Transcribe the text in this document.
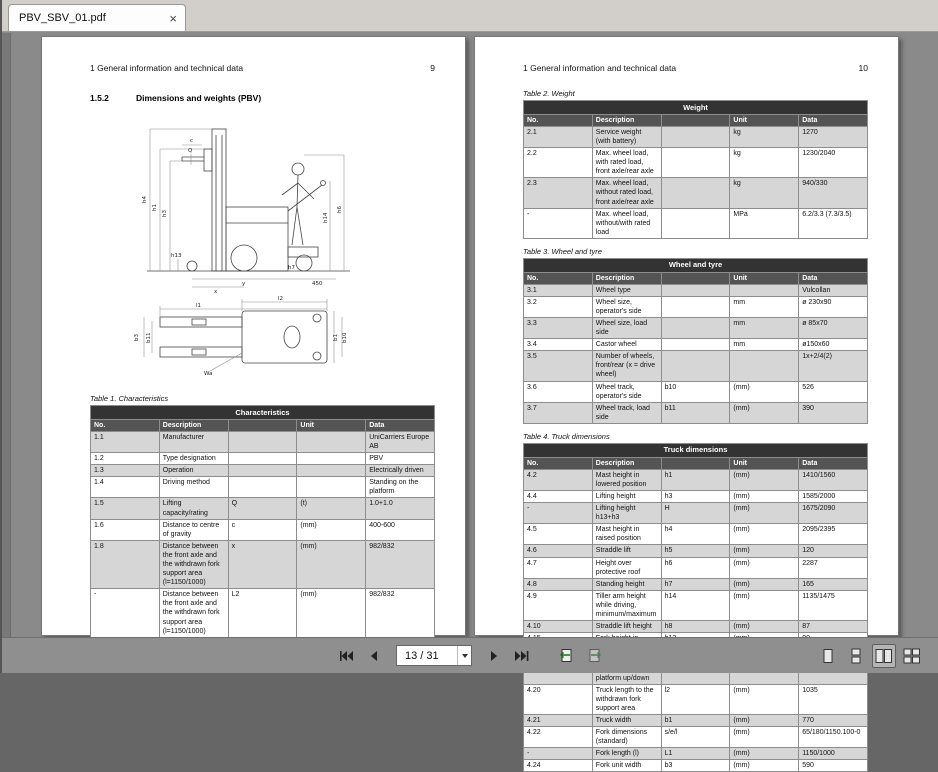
PBV_SBV_01.pdf	×
1 General information and technical data	9
1.5.2	Dimensions and weights (PBV)
Q
c
h4
h1
h3
h13
h14
h6
h7
x
y	450
l2
l1
b3 b11	b1 b10
Wa
Table 1. Characteristics
Characteristics				
No.	Description		Unit	Data
1.1	Manufacturer			UniCarriers Europe AB
1.2	Type designation			PBV
1.3	Operation			Electrically driven
1.4	Driving method			Standing on the platform
1.5	Lifting capacity/rating	Q	(t)	1.0+1.0
1.6	Distance to centre of gravity	c	(mm)	400-600
1.8	Distance between the front axle and the withdrawn fork support area (l=1150/1000)	x	(mm)	982/832
-	Distance between the front axle and the withdrawn fork support area (l=1150/1000)	L2	(mm)	982/832

1 General information and technical data	10
Table 2. Weight
Weight				
No.	Description		Unit	Data
2.1	Service weight (with battery)		kg	1270
2.2	Max. wheel load, with rated load, front axle/rear axle		kg	1230/2040
2.3	Max. wheel load, without rated load, front axle/rear axle		kg	940/330
-	Max. wheel load, without/with rated load		MPa	6.2/3.3 (7.3/3.5)
Table 3. Wheel and tyre
Wheel and tyre				
No.	Description		Unit	Data
3.1	Wheel type			Vulcollan
3.2	Wheel size, operator's side		mm	ø 230x90
3.3	Wheel size, load side		mm	ø 85x70
3.4	Castor wheel		mm	ø150x60
3.5	Number of wheels, front/rear (x = drive wheel)			1x+2/4(2)
3.6	Wheel track, operator's side	b10	(mm)	526
3.7	Wheel track, load side	b11	(mm)	390
Table 4. Truck dimensions
Truck dimensions				
No.	Description		Unit	Data
4.2	Mast height in lowered position	h1	(mm)	1410/1560
4.4	Lifting height	h3	(mm)	1585/2000
-	Lifting height h13+h3	H	(mm)	1675/2090
4.5	Mast height in raised position	h4	(mm)	2095/2395
4.6	Straddle lift	h5	(mm)	120
4.7	Height over protective roof	h6	(mm)	2287
4.8	Standing height	h7	(mm)	165
4.9	Tiller arm height while driving, minimum/maximum	h14	(mm)	1135/1475
4.10	Straddle lift height	h8	(mm)	87

	platform up/down			
4.20	Truck length to the withdrawn fork support area	l2	(mm)	1035
4.21	Truck width	b1	(mm)	770
4.22	Fork dimensions (standard)	s/e/l	(mm)	65/180/1150.100-0
-	Fork length (l)	L1	(mm)	1150/1000
4.24	Fork unit width	b3	(mm)	590
13 / 31
